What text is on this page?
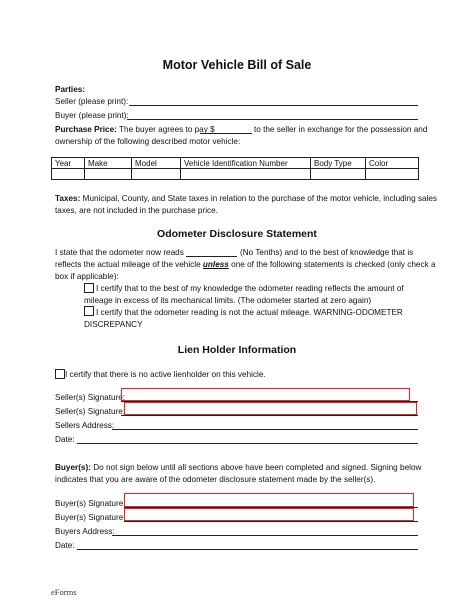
Motor Vehicle Bill of Sale
Parties:
Seller (please print):
Buyer (please print):
Purchase Price: The buyer agrees to pay $	to the seller in exchange for the possession and
ownership of the following described motor vehicle:
Year	Make	Model	Vehicle Identification Number	Body Type	Color

Taxes: Municipal, County, and State taxes in relation to the purchase of the motor vehicle, including sales
taxes, are not included in the purchase price.
Odometer Disclosure Statement
I state that the odometer now reads	(No Tenths) and to the best of knowledge that is
reflects the actual mileage of the vehicle unless one of the following statements is checked (only check a
box if applicable):
I certify that to the best of my knowledge the odometer reading reflects the amount of
mileage in excess of its mechanical limits. (The odometer started at zero again)
I certify that the odometer reading is not the actual mileage. WARNING-ODOMETER
DISCREPANCY
Lien Holder Information
I certify that there is no active lienholder on this vehicle.
Seller(s) Signature:
Seller(s) Signature:
Sellers Address:
Date:
Buyer(s): Do not sign below until all sections above have been completed and signed. Signing below
indicates that you are aware of the odometer disclosure statement made by the seller(s).
Buyer(s) Signature:
Buyer(s) Signature:
Buyers Address:
Date:
eForms
